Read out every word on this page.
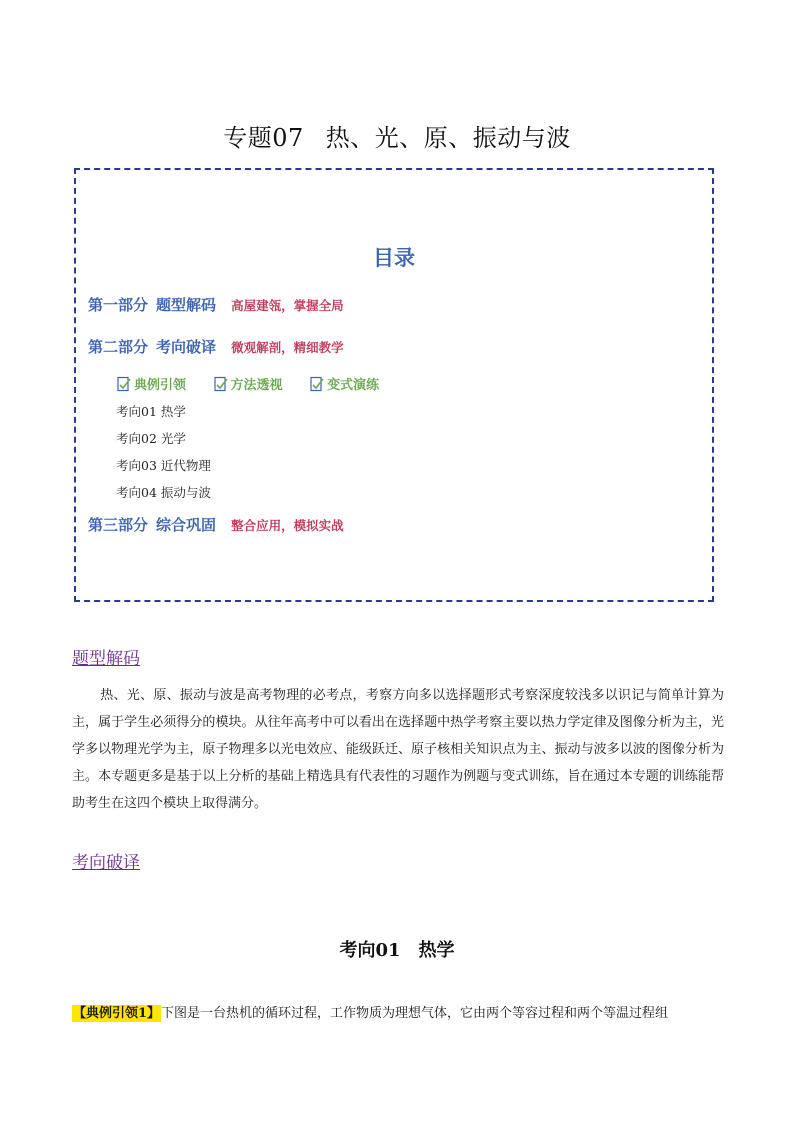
专题07 热、光、原、振动与波
目录
第一部分 题型解码 高屋建瓴，掌握全局
第二部分 考向破译 微观解剖，精细教学
典例引领
	方法透视
	变式演练
考向01 热学
考向02 光学
考向03 近代物理
考向04 振动与波
第三部分 综合巩固 整合应用，模拟实战
题型解码
热、光、原、振动与波是高考物理的必考点，考察方向多以选择题形式考察深度较浅多以识记与简单计算为主，属于学生必须得分的模块。从往年高考中可以看出在选择题中热学考察主要以热力学定律及图像分析为主，光学多以物理光学为主，原子物理多以光电效应、能级跃迁、原子核相关知识点为主、振动与波多以波的图像分析为主。本专题更多是基于以上分析的基础上精选具有代表性的习题作为例题与变式训练，旨在通过本专题的训练能帮助考生在这四个模块上取得满分。
考向破译
考向01 热学
【典例引领1】下图是一台热机的循环过程，工作物质为理想气体，它由两个等容过程和两个等温过程组
